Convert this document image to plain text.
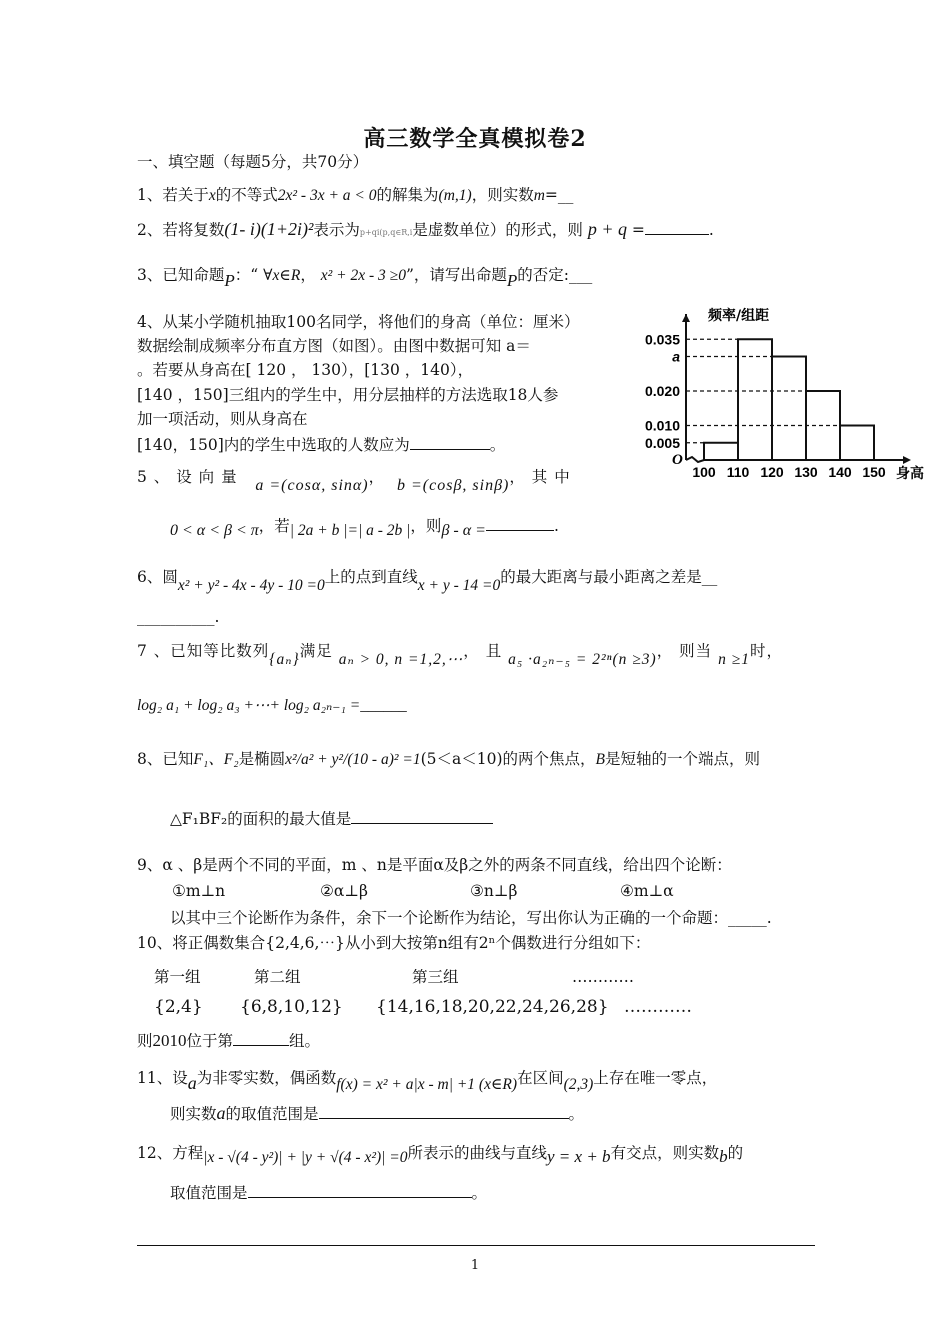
高三数学全真模拟卷2
一、填空题（每题5分，共70分）
1、若关于x的不等式2x² - 3x + a < 0的解集为(m,1)，则实数m=__
2、若将复数(1- i)(1+2i)²表示为p+qi(p,q∈R,i是虚数单位）的形式，则 p + q =	.
3、已知命题P：“ ∀x∈R， x² + 2x - 3 ≥0”，请写出命题P的否定:___
4、从某小学随机抽取100名同学，将他们的身高（单位：厘米）
数据绘制成频率分布直方图（如图）。由图中数据可知 a＝
。若要从身高在[ 120 ， 130），[130 ，140），
[140 ，150]三组内的学生中，用分层抽样的方法选取18人参
加一项活动，则从身高在
[140，150]内的学生中选取的人数应为	。
0.035
a
0.020
0.010
0.005
100 110 120 130 140 150
频率/组距
身高
O
5 、 设 向 量 a =(cosα, sinα)， b =(cosβ, sinβ)， 其 中
0 < α < β < π，若| 2a + b |=| a - 2b |，则β - α =	.
6、圆x² + y² - 4x - 4y - 10 =0上的点到直线x + y - 14 =0的最大距离与最小距离之差是__
__________.
7 、已知等比数列{aₙ}满足 aₙ > 0, n =1,2,⋯， 且 a₅ ·a₂ₙ₋₅ = 2²ⁿ(n ≥3)， 则当 n ≥1时，
log₂ a₁ + log₂ a₃ +⋯+ log₂ a₂ₙ₋₁ =______
8、已知F₁、F₂是椭圆x²/a² + y²/(10 - a)² =1(5＜a＜10)的两个焦点，B是短轴的一个端点，则
△F₁BF₂的面积的最大值是
9、α 、β是两个不同的平面，m 、n是平面α及β之外的两条不同直线，给出四个论断：
①m⊥n	②α⊥β	③n⊥β	④m⊥α
以其中三个论断作为条件，余下一个论断作为结论，写出你认为正确的一个命题：_____.
10、将正偶数集合{2,4,6,⋯}从小到大按第n组有2ⁿ个偶数进行分组如下：
第一组	第二组	第三组	…………
{2,4} {6,8,10,12} {14,16,18,20,22,24,26,28} …………
则2010位于第	组。
11、设a为非零实数，偶函数f(x) = x² + a|x - m| +1 (x∈R)在区间(2,3)上存在唯一零点，
则实数a的取值范围是	。
12、方程|x - √(4 - y²)| + |y + √(4 - x²)| =0所表示的曲线与直线y = x + b有交点，则实数b的
取值范围是	。
1
